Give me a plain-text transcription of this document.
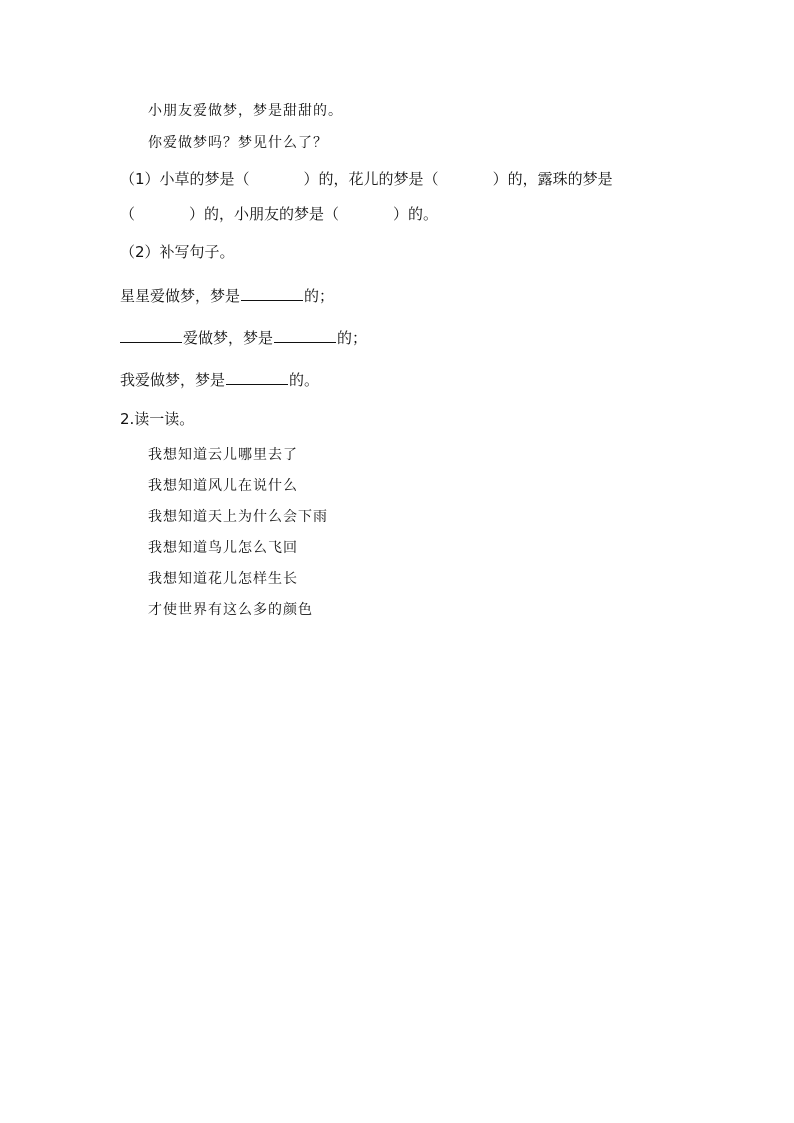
小朋友爱做梦，梦是甜甜的。
你爱做梦吗？梦见什么了？
（1）小草的梦是（	）的，花儿的梦是（	）的，露珠的梦是
（	）的，小朋友的梦是（	）的。
（2）补写句子。
星星爱做梦，梦是	的；
爱做梦，梦是	的；
我爱做梦，梦是	的。
2.读一读。
我想知道云儿哪里去了
我想知道风儿在说什么
我想知道天上为什么会下雨
我想知道鸟儿怎么飞回
我想知道花儿怎样生长
才使世界有这么多的颜色
